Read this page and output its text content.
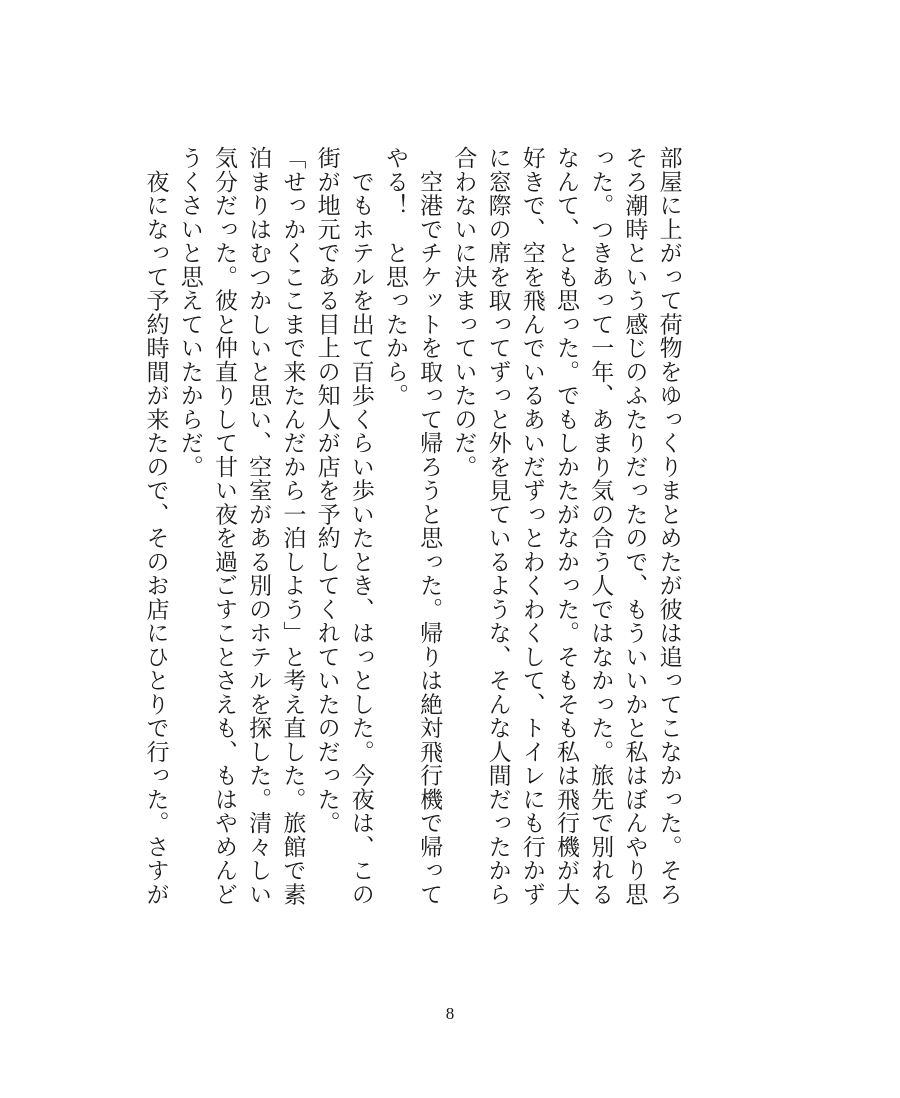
部屋に上がって荷物をゆっくりまとめたが彼は追ってこなかった。そろ
そろ潮時という感じのふたりだったので、もういいかと私はぼんやり思
った。つきあって一年、あまり気の合う人ではなかった。旅先で別れる
なんて、とも思った。でもしかたがなかった。そもそも私は飛行機が大
好きで、空を飛んでいるあいだずっとわくわくして、トイレにも行かず
に窓際の席を取ってずっと外を見ているような、そんな人間だったから
合わないに決まっていたのだ。
　空港でチケットを取って帰ろうと思った。帰りは絶対飛行機で帰って
やる！　と思ったから。
　でもホテルを出て百歩くらい歩いたとき、はっとした。今夜は、この
街が地元である目上の知人が店を予約してくれていたのだった。
「せっかくここまで来たんだから一泊しよう」と考え直した。旅館で素
泊まりはむつかしいと思い、空室がある別のホテルを探した。清々しい
気分だった。彼と仲直りして甘い夜を過ごすことさえも、もはやめんど
うくさいと思えていたからだ。
　夜になって予約時間が来たので、そのお店にひとりで行った。さすが

8
